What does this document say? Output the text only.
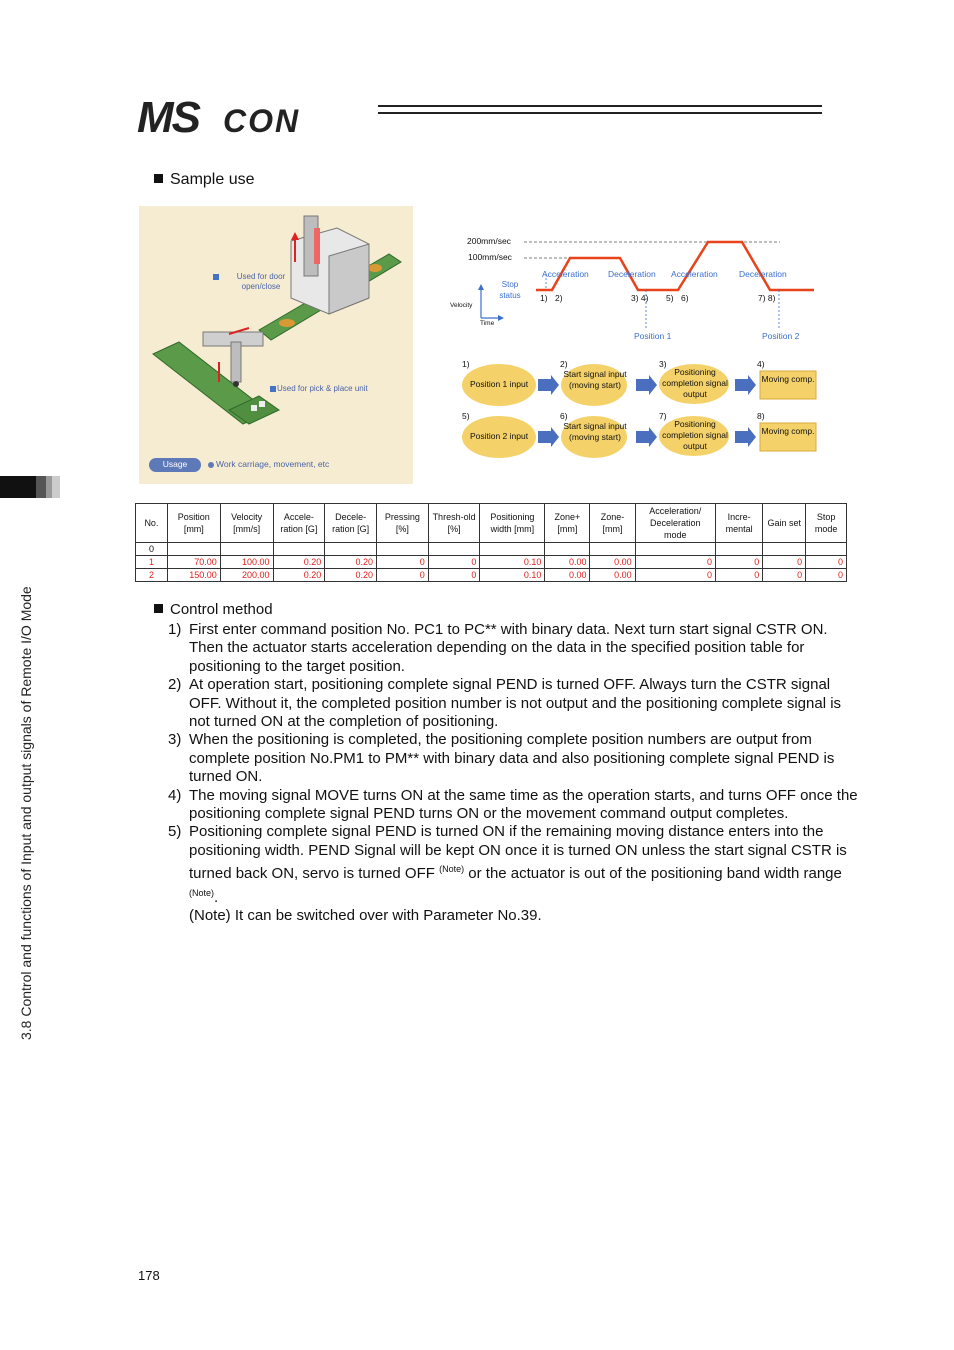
MS CON
3.8 Control and functions of Input and output signals of Remote I/O Mode
Sample use
Used for door open/close
Used for pick & place unit
Usage	Work carriage, movement, etc
200mm/sec
100mm/sec
Stop status
Velocity
Time
Acceleration Deceleration Acceleration Deceleration
1) 2)	3) 4) 5) 6)	7) 8)
Position 1	Position 2
1)
Position 1 input
2)
Start signal input (moving start)
3)
Positioning completion signal output
4)
Moving comp.
5)
Position 2 input
6)
Start signal input (moving start)
7)
Positioning completion signal output
8)
Moving comp.
No.	Position [mm]	Velocity [mm/s]	Accele-ration [G]	Decele-ration [G]	Pressing [%]	Thresh-old [%]	Positioning width [mm]	Zone+ [mm]	Zone- [mm]	Acceleration/ Deceleration mode	Incre-mental	Gain set	Stop mode
0													
1	70.00	100.00	0.20	0.20	0	0	0.10	0.00	0.00	0	0	0	0
2	150.00	200.00	0.20	0.20	0	0	0.10	0.00	0.00	0	0	0	0
Control method
1) First enter command position No. PC1 to PC** with binary data. Next turn start signal CSTR ON. Then the actuator starts acceleration depending on the data in the specified position table for positioning to the target position.
2) At operation start, positioning complete signal PEND is turned OFF. Always turn the CSTR signal OFF. Without it, the completed position number is not output and the positioning complete signal is not turned ON at the completion of positioning.
3) When the positioning is completed, the positioning complete position numbers are output from complete position No.PM1 to PM** with binary data and also positioning complete signal PEND is turned ON.
4) The moving signal MOVE turns ON at the same time as the operation starts, and turns OFF once the positioning complete signal PEND turns ON or the movement command output completes.
5) Positioning complete signal PEND is turned ON if the remaining moving distance enters into the positioning width. PEND Signal will be kept ON once it is turned ON unless the start signal CSTR is turned back ON, servo is turned OFF $^{(Note)}$ or the actuator is out of the positioning band width range $^{(Note)}$.
(Note) It can be switched over with Parameter No.39.
178
